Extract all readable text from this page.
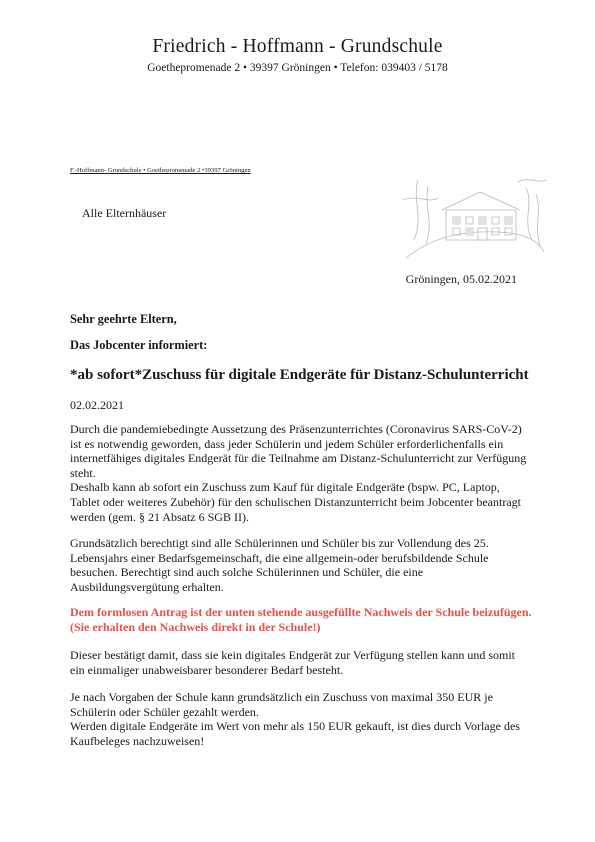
Friedrich - Hoffmann - Grundschule
Goethepromenade 2 • 39397 Gröningen • Telefon: 039403 / 5178
F.-Hoffmann- Grundschule • Goethepromenade 2 •39397 Gröningen
Alle Elternhäuser
Gröningen, 05.02.2021
Sehr geehrte Eltern,
Das Jobcenter informiert:
*ab sofort*Zuschuss für digitale Endgeräte für Distanz-Schulunterricht
02.02.2021

Durch die pandemiebedingte Aussetzung des Präsenzunterrichtes (Coronavirus SARS-CoV-2) ist es notwendig geworden, dass jeder Schülerin und jedem Schüler erforderlichenfalls ein internetfähiges digitales Endgerät für die Teilnahme am Distanz-Schulunterricht zur Verfügung steht.

Deshalb kann ab sofort ein Zuschuss zum Kauf für digitale Endgeräte (bspw. PC, Laptop, Tablet oder weiteres Zubehör) für den schulischen Distanzunterricht beim Jobcenter beantragt werden (gem. § 21 Absatz 6 SGB II).

Grundsätzlich berechtigt sind alle Schülerinnen und Schüler bis zur Vollendung des 25. Lebensjahrs einer Bedarfsgemeinschaft, die eine allgemein-oder berufsbildende Schule besuchen. Berechtigt sind auch solche Schülerinnen und Schüler, die eine Ausbildungsvergütung erhalten.

Dem formlosen Antrag ist der unten stehende ausgefüllte Nachweis der Schule beizufügen. (Sie erhalten den Nachweis direkt in der Schule!)

Dieser bestätigt damit, dass sie kein digitales Endgerät zur Verfügung stellen kann und somit ein einmaliger unabweisbarer besonderer Bedarf besteht.

Je nach Vorgaben der Schule kann grundsätzlich ein Zuschuss von maximal 350 EUR je Schülerin oder Schüler gezahlt werden.

Werden digitale Endgeräte im Wert von mehr als 150 EUR gekauft, ist dies durch Vorlage des Kaufbeleges nachzuweisen!
